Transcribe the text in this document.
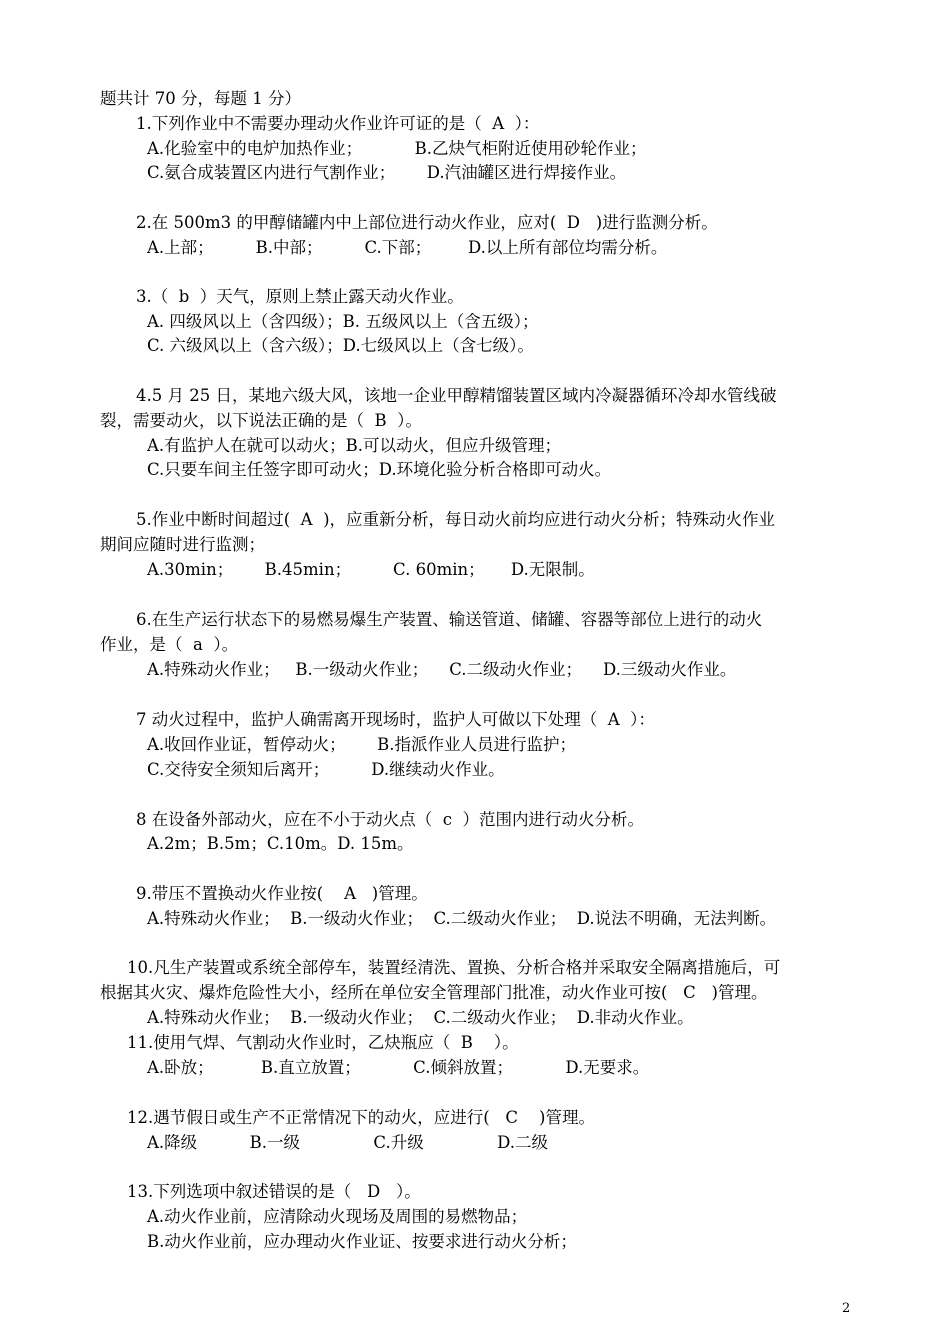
题共计 70 分，每题 1 分）
1.下列作业中不需要办理动火作业许可证的是（  A  ）：
A.化验室中的电炉加热作业；          B.乙炔气柜附近使用砂轮作业；
C.氨合成装置区内进行气割作业；      D.汽油罐区进行焊接作业。
2.在 500m3 的甲醇储罐内中上部位进行动火作业，应对(  D   )进行监测分析。
A.上部；        B.中部；        C.下部；       D.以上所有部位均需分析。
3.（  b  ）天气，原则上禁止露天动火作业。
A. 四级风以上（含四级）；B. 五级风以上（含五级）；
C. 六级风以上（含六级）；D.七级风以上（含七级）。
4.5 月 25 日，某地六级大风，该地一企业甲醇精馏装置区域内冷凝器循环冷却水管线破
裂，需要动火，以下说法正确的是（  B  ）。
A.有监护人在就可以动火；B.可以动火，但应升级管理；
C.只要车间主任签字即可动火；D.环境化验分析合格即可动火。
5.作业中断时间超过(  A  )，应重新分析，每日动火前均应进行动火分析；特殊动火作业
期间应随时进行监测；
A.30min；      B.45min；        C. 60min；     D.无限制。
6.在生产运行状态下的易燃易爆生产装置、输送管道、储罐、容器等部位上进行的动火
作业，是（  a  ）。
A.特殊动火作业；   B.一级动火作业；    C.二级动火作业；    D.三级动火作业。
7 动火过程中，监护人确需离开现场时，监护人可做以下处理（  A  ）：
A.收回作业证，暂停动火；      B.指派作业人员进行监护；
C.交待安全须知后离开；        D.继续动火作业。
8 在设备外部动火，应在不小于动火点（  c  ）范围内进行动火分析。
A.2m；B.5m；C.10m。D. 15m。
9.带压不置换动火作业按(    A   )管理。
A.特殊动火作业；  B.一级动火作业；  C.二级动火作业；  D.说法不明确，无法判断。
10.凡生产装置或系统全部停车，装置经清洗、置换、分析合格并采取安全隔离措施后，可
根据其火灾、爆炸危险性大小，经所在单位安全管理部门批准，动火作业可按(   C   )管理。
A.特殊动火作业；  B.一级动火作业；  C.二级动火作业；  D.非动火作业。
11.使用气焊、气割动火作业时，乙炔瓶应（  B    ）。
A.卧放；         B.直立放置；          C.倾斜放置；          D.无要求。
12.遇节假日或生产不正常情况下的动火，应进行(   C    )管理。
A.降级          B.一级              C.升级              D.二级
13.下列选项中叙述错误的是（   D   ）。
A.动火作业前，应清除动火现场及周围的易燃物品；
B.动火作业前，应办理动火作业证、按要求进行动火分析；
2
